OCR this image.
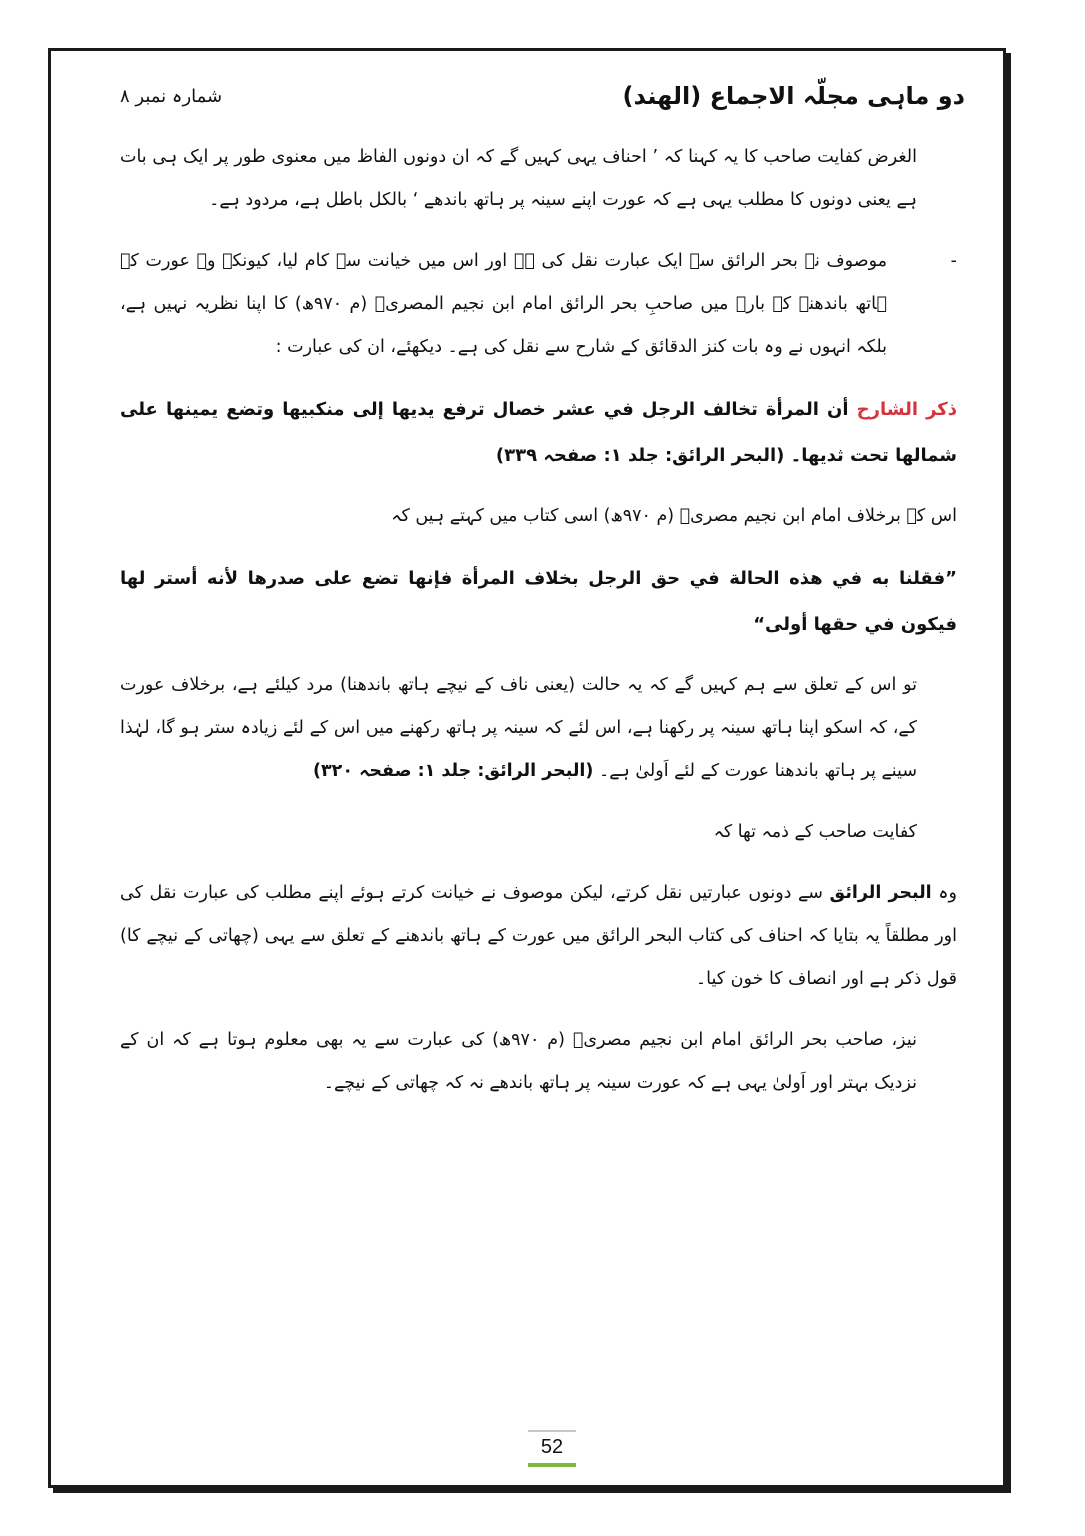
شمارہ نمبر ۸	دو ماہی مجلّہ الاجماع (الھند)

الغرض کفایت صاحب کا یہ کہنا کہ ’ احناف یہی کہیں گے کہ ان دونوں الفاظ میں معنوی طور پر ایک ہی بات ہے یعنی دونوں کا مطلب یہی ہے کہ عورت اپنے سینہ پر ہاتھ باندھے ‘ بالکل باطل ہے، مردود ہے۔

-
موصوف نے بحر الرائق سے ایک عبارت نقل کی ہے اور اس میں خیانت سے کام لیا، کیونکہ وہ عورت کے ہاتھ باندھنے کے بارے میں صاحبِ بحر الرائق امام ابن نجیم المصریؒ (م ۹۷۰ھ) کا اپنا نظریہ نہیں ہے، بلکہ انہوں نے وہ بات کنز الدقائق کے شارح سے نقل کی ہے۔ دیکھئے، ان کی عبارت :

ذكر الشارح أن المرأة تخالف الرجل في عشر خصال ترفع يديها إلى منكبيها وتضع يمينها على شمالها تحت ثديها۔ (البحر الرائق: جلد ۱: صفحہ ۳۳۹)

اس کے برخلاف امام ابن نجیم مصریؒ (م ۹۷۰ھ) اسی کتاب میں کہتے ہیں کہ

”فقلنا به في هذه الحالة في حق الرجل بخلاف المرأة فإنها تضع على صدرها لأنه أستر لها فيكون في حقها أولى“

تو اس کے تعلق سے ہم کہیں گے کہ یہ حالت (یعنی ناف کے نیچے ہاتھ باندھنا) مرد کیلئے ہے، برخلاف عورت کے، کہ اسکو اپنا ہاتھ سینہ پر رکھنا ہے، اس لئے کہ سینہ پر ہاتھ رکھنے میں اس کے لئے زیادہ ستر ہو گا، لہٰذا سینے پر ہاتھ باندھنا عورت کے لئے اَولیٰ ہے۔ (البحر الرائق: جلد ۱: صفحہ ۳۲۰)

کفایت صاحب کے ذمہ تھا کہ

وہ البحر الرائق سے دونوں عبارتیں نقل کرتے، لیکن موصوف نے خیانت کرتے ہوئے اپنے مطلب کی عبارت نقل کی اور مطلقاً یہ بتایا کہ احناف کی کتاب البحر الرائق میں عورت کے ہاتھ باندھنے کے تعلق سے یہی (چھاتی کے نیچے کا) قول ذکر ہے اور انصاف کا خون کیا۔

نیز، صاحب بحر الرائق امام ابن نجیم مصریؒ (م ۹۷۰ھ) کی عبارت سے یہ بھی معلوم ہوتا ہے کہ ان کے نزدیک بہتر اور اَولیٰ یہی ہے کہ عورت سینہ پر ہاتھ باندھے نہ کہ چھاتی کے نیچے۔

52
